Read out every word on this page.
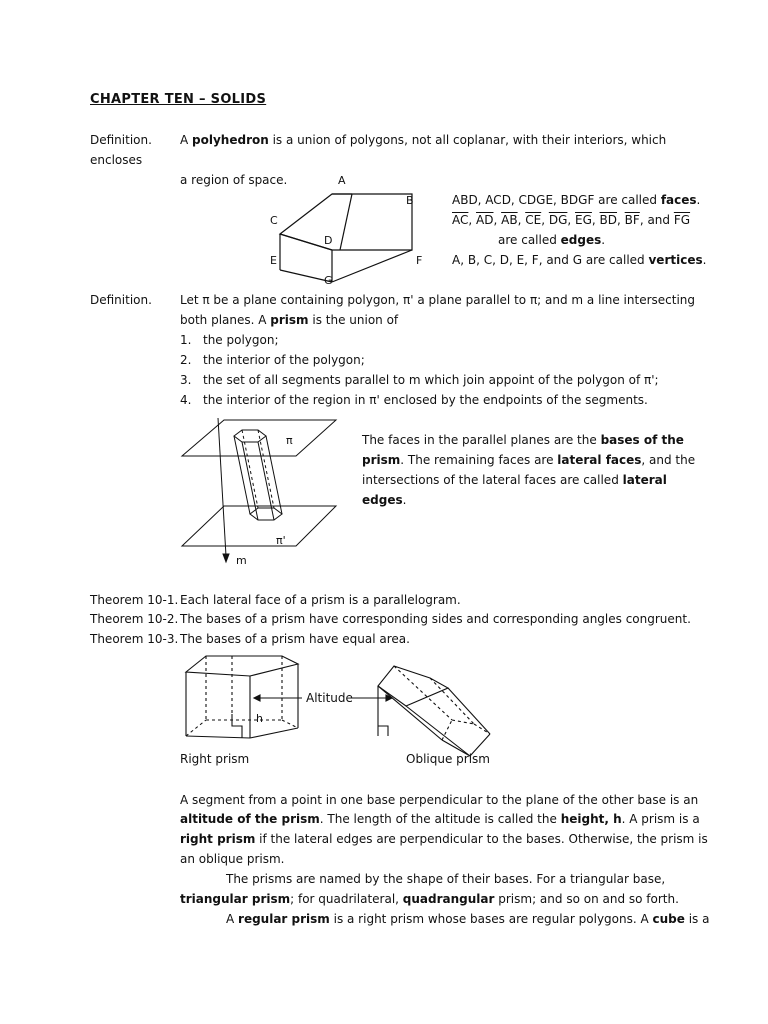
CHAPTER TEN – SOLIDS
Definition.
encloses
A polyhedron is a union of polygons, not all coplanar, with their interiors, which
a region of space.	A
B
C
D
E	F
G
ABD, ACD, CDGE, BDGF are called faces.
$\overline{AC}$, $\overline{AD}$, $\overline{AB}$, $\overline{CE}$, $\overline{DG}$, $\overline{EG}$, $\overline{BD}$, $\overline{BF}$, and $\overline{FG}$
are called edges.
A, B, C, D, E, F, and G are called vertices.
Definition. Let π be a plane containing polygon, π' a plane parallel to π; and m a line intersecting
both planes. A prism is the union of
1. the polygon;
2. the interior of the polygon;
3. the set of all segments parallel to m which join appoint of the polygon of π';
4. the interior of the region in π' enclosed by the endpoints of the segments.
π
π'
m
The faces in the parallel planes are the bases of the
prism. The remaining faces are lateral faces, and the
intersections of the lateral faces are called lateral
edges.
Theorem 10-1. Each lateral face of a prism is a parallelogram.
Theorem 10-2. The bases of a prism have corresponding sides and corresponding angles congruent.
Theorem 10-3. The bases of a prism have equal area.
h
Altitude
Right prism	Oblique prism
A segment from a point in one base perpendicular to the plane of the other base is an
altitude of the prism. The length of the altitude is called the height, h. A prism is a
right prism if the lateral edges are perpendicular to the bases. Otherwise, the prism is
an oblique prism.
The prisms are named by the shape of their bases. For a triangular base,
triangular prism; for quadrilateral, quadrangular prism; and so on and so forth.
A regular prism is a right prism whose bases are regular polygons. A cube is a
